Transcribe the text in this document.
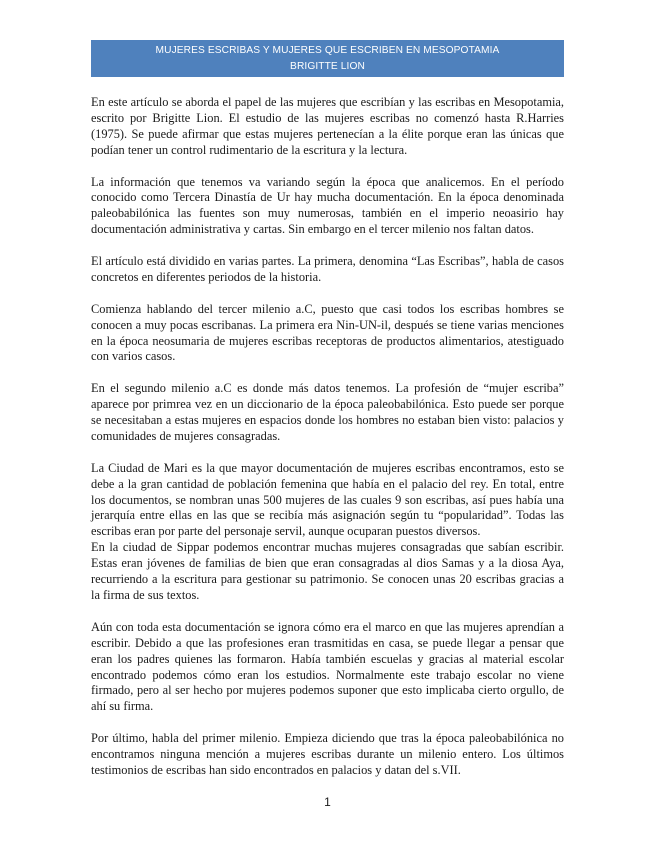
MUJERES ESCRIBAS Y MUJERES QUE ESCRIBEN EN MESOPOTAMIA
BRIGITTE LION

En este artículo se aborda el papel de las mujeres que escribían y las escribas en Mesopotamia, escrito por Brigitte Lion. El estudio de las mujeres escribas no comenzó hasta R.Harries (1975). Se puede afirmar que estas mujeres pertenecían a la élite porque eran las únicas que podían tener un control rudimentario de la escritura y la lectura.

La información que tenemos va variando según la época que analicemos. En el período conocido como Tercera Dinastía de Ur hay mucha documentación. En la época denominada paleobabilónica las fuentes son muy numerosas, también en el imperio neoasirio hay documentación administrativa y cartas. Sin embargo en el tercer milenio nos faltan datos.

El artículo está dividido en varias partes. La primera, denomina “Las Escribas”, habla de casos concretos en diferentes periodos de la historia.

Comienza hablando del tercer milenio a.C, puesto que casi todos los escribas hombres se conocen a muy pocas escribanas. La primera era Nin-UN-il, después se tiene varias menciones en la época neosumaria de mujeres escribas receptoras de productos alimentarios, atestiguado con varios casos.

En el segundo milenio a.C es donde más datos tenemos. La profesión de “mujer escriba” aparece por primrea vez en un diccionario de la época paleobabilónica. Esto puede ser porque se necesitaban a estas mujeres en espacios donde los hombres no estaban bien visto: palacios y comunidades de mujeres consagradas.

La Ciudad de Mari es la que mayor documentación de mujeres escribas encontramos, esto se debe a la gran cantidad de población femenina que había en el palacio del rey. En total, entre los documentos, se nombran unas 500 mujeres de las cuales 9 son escribas, así pues había una jerarquía entre ellas en las que se recibía más asignación según tu “popularidad”. Todas las escribas eran por parte del personaje servil, aunque ocuparan puestos diversos.

En la ciudad de Sippar podemos encontrar muchas mujeres consagradas que sabían escribir. Estas eran jóvenes de familias de bien que eran consagradas al dios Samas y a la diosa Aya, recurriendo a la escritura para gestionar su patrimonio. Se conocen unas 20 escribas gracias a la firma de sus textos.

Aún con toda esta documentación se ignora cómo era el marco en que las mujeres aprendían a escribir. Debido a que las profesiones eran trasmitidas en casa, se puede llegar a pensar que eran los padres quienes las formaron. Había también escuelas y gracias al material escolar encontrado podemos cómo eran los estudios. Normalmente este trabajo escolar no viene firmado, pero al ser hecho por mujeres podemos suponer que esto implicaba cierto orgullo, de ahí su firma.

Por último, habla del primer milenio. Empieza diciendo que tras la época paleobabilónica no encontramos ninguna mención a mujeres escribas durante un milenio entero. Los últimos testimonios de escribas han sido encontrados en palacios y datan del s.VII.

1
